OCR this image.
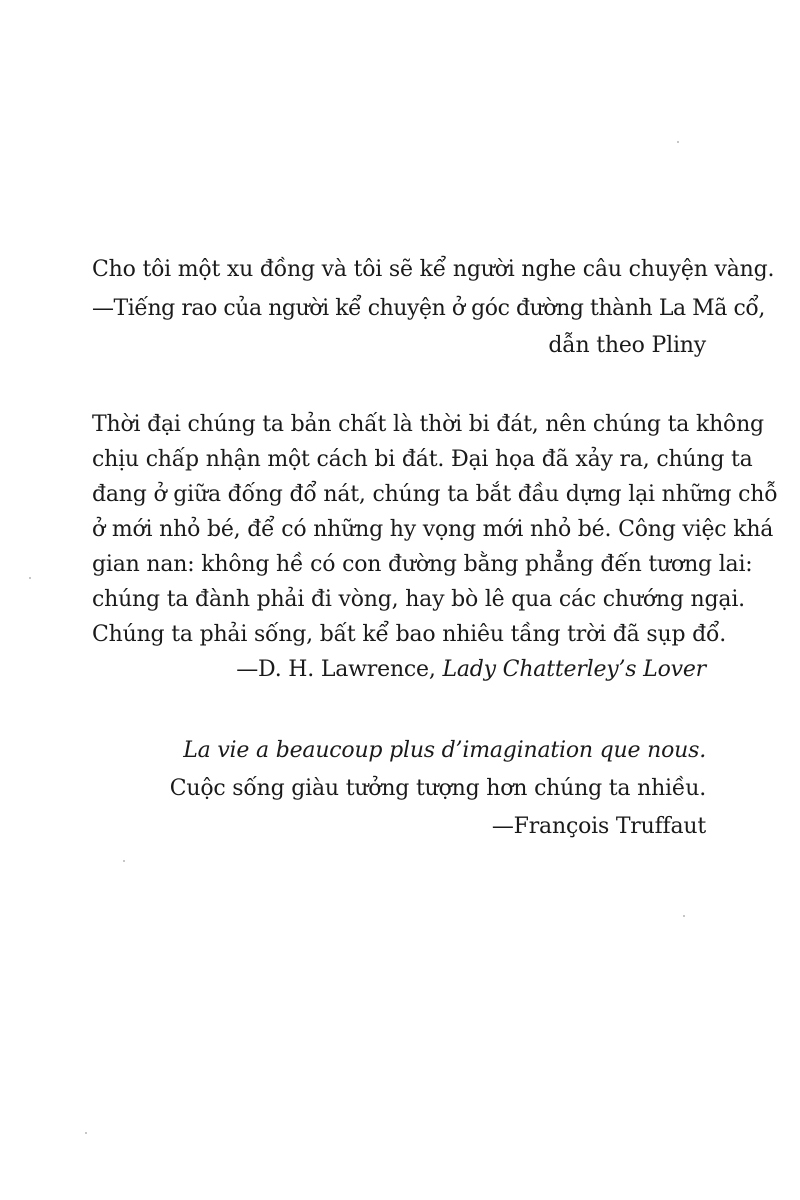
Cho tôi một xu đồng và tôi sẽ kể người nghe câu chuyện vàng.
—Tiếng rao của người kể chuyện ở góc đường thành La Mã cổ,
dẫn theo Pliny
Thời đại chúng ta bản chất là thời bi đát, nên chúng ta không
chịu chấp nhận một cách bi đát. Đại họa đã xảy ra, chúng ta
đang ở giữa đống đổ nát, chúng ta bắt đầu dựng lại những chỗ
ở mới nhỏ bé, để có những hy vọng mới nhỏ bé. Công việc khá
gian nan: không hề có con đường bằng phẳng đến tương lai:
chúng ta đành phải đi vòng, hay bò lê qua các chướng ngại.
Chúng ta phải sống, bất kể bao nhiêu tầng trời đã sụp đổ.
—D. H. Lawrence, Lady Chatterley’s Lover
La vie a beaucoup plus d’imagination que nous.
Cuộc sống giàu tưởng tượng hơn chúng ta nhiều.
—François Truffaut
